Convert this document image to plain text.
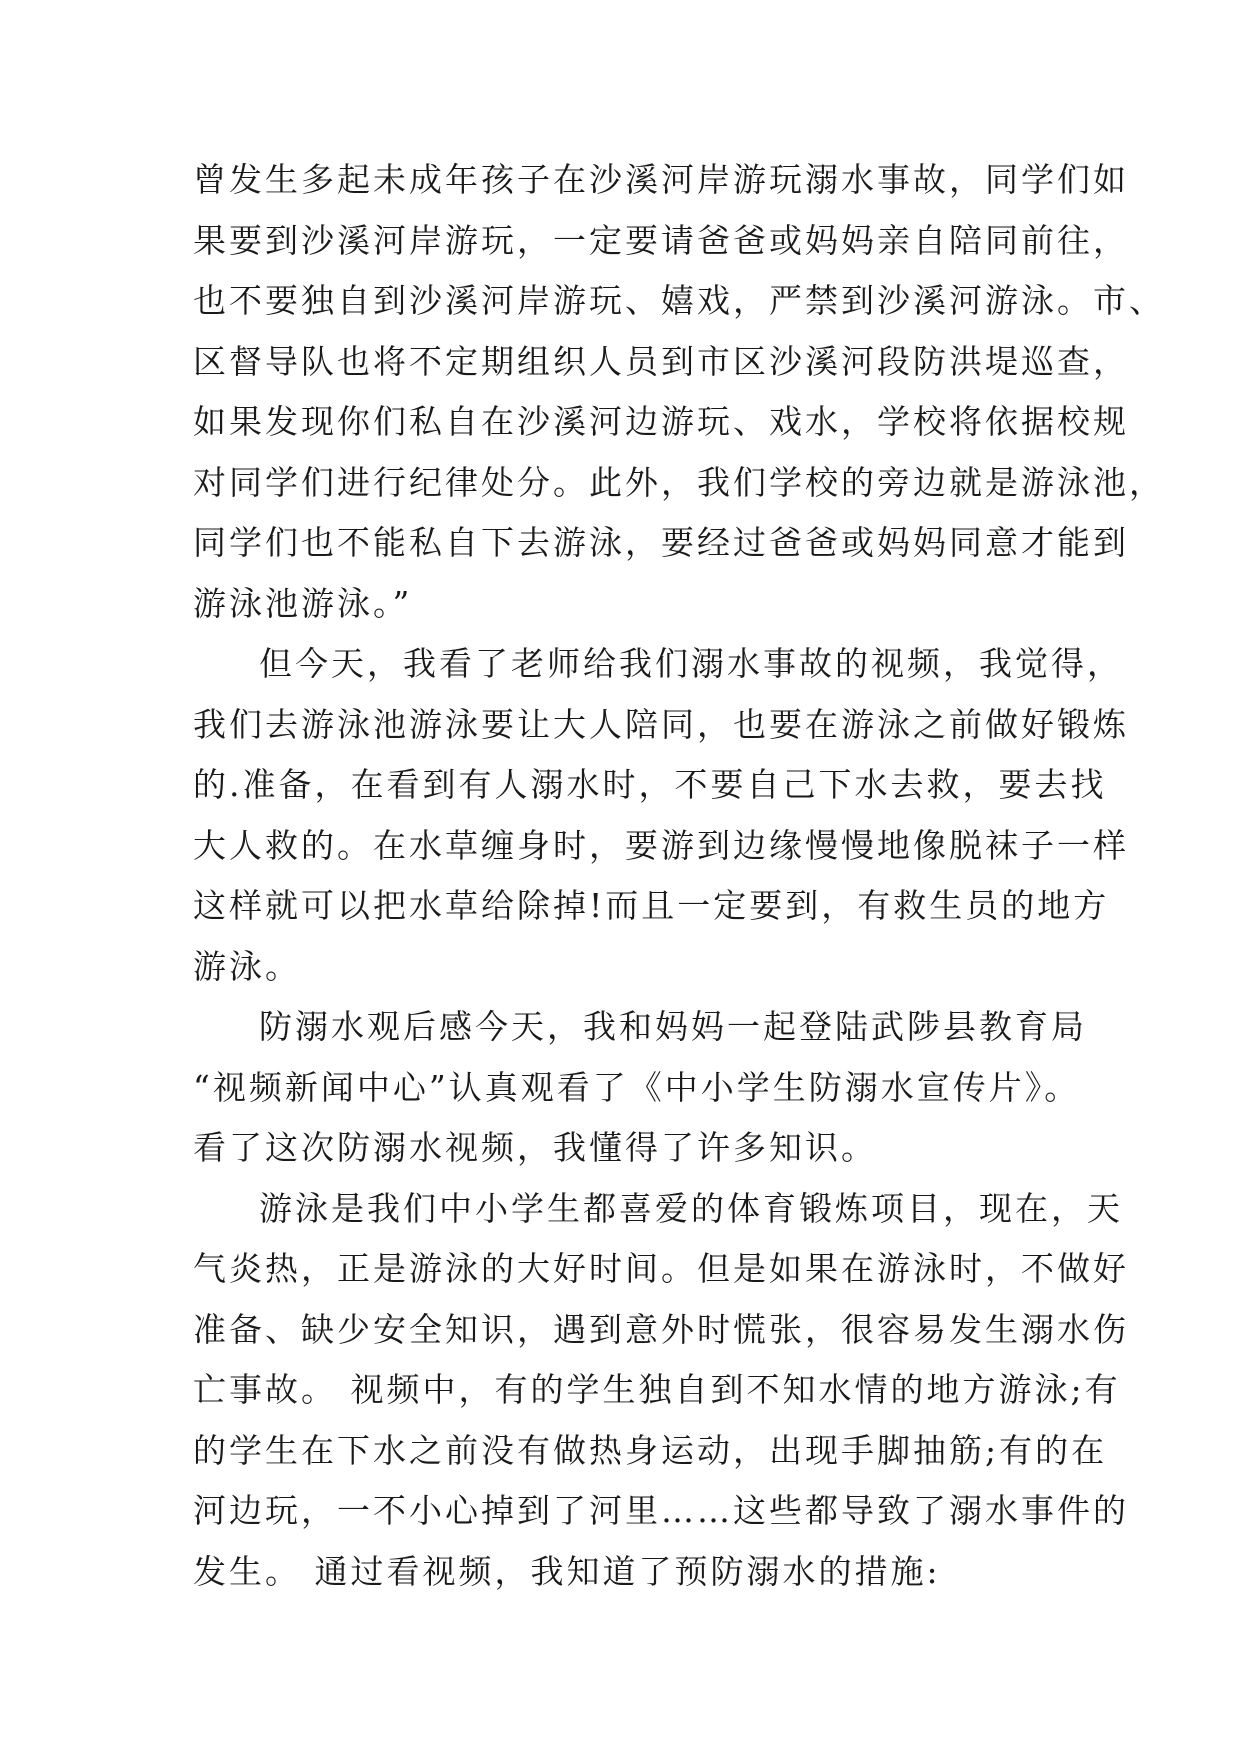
曾发生多起未成年孩子在沙溪河岸游玩溺水事故，同学们如
果要到沙溪河岸游玩，一定要请爸爸或妈妈亲自陪同前往，
也不要独自到沙溪河岸游玩、嬉戏，严禁到沙溪河游泳。市、
区督导队也将不定期组织人员到市区沙溪河段防洪堤巡查，
如果发现你们私自在沙溪河边游玩、戏水，学校将依据校规
对同学们进行纪律处分。此外，我们学校的旁边就是游泳池，
同学们也不能私自下去游泳，要经过爸爸或妈妈同意才能到
游泳池游泳。”
但今天，我看了老师给我们溺水事故的视频，我觉得，
我们去游泳池游泳要让大人陪同，也要在游泳之前做好锻炼
的.准备，在看到有人溺水时，不要自己下水去救，要去找
大人救的。在水草缠身时，要游到边缘慢慢地像脱袜子一样
这样就可以把水草给除掉!而且一定要到，有救生员的地方
游泳。
防溺水观后感今天，我和妈妈一起登陆武陟县教育局
“视频新闻中心”认真观看了《中小学生防溺水宣传片》。
看了这次防溺水视频，我懂得了许多知识。
游泳是我们中小学生都喜爱的体育锻炼项目，现在，天
气炎热，正是游泳的大好时间。但是如果在游泳时，不做好
准备、缺少安全知识，遇到意外时慌张，很容易发生溺水伤
亡事故。 视频中，有的学生独自到不知水情的地方游泳;有
的学生在下水之前没有做热身运动，出现手脚抽筋;有的在
河边玩，一不小心掉到了河里……这些都导致了溺水事件的
发生。 通过看视频，我知道了预防溺水的措施:
